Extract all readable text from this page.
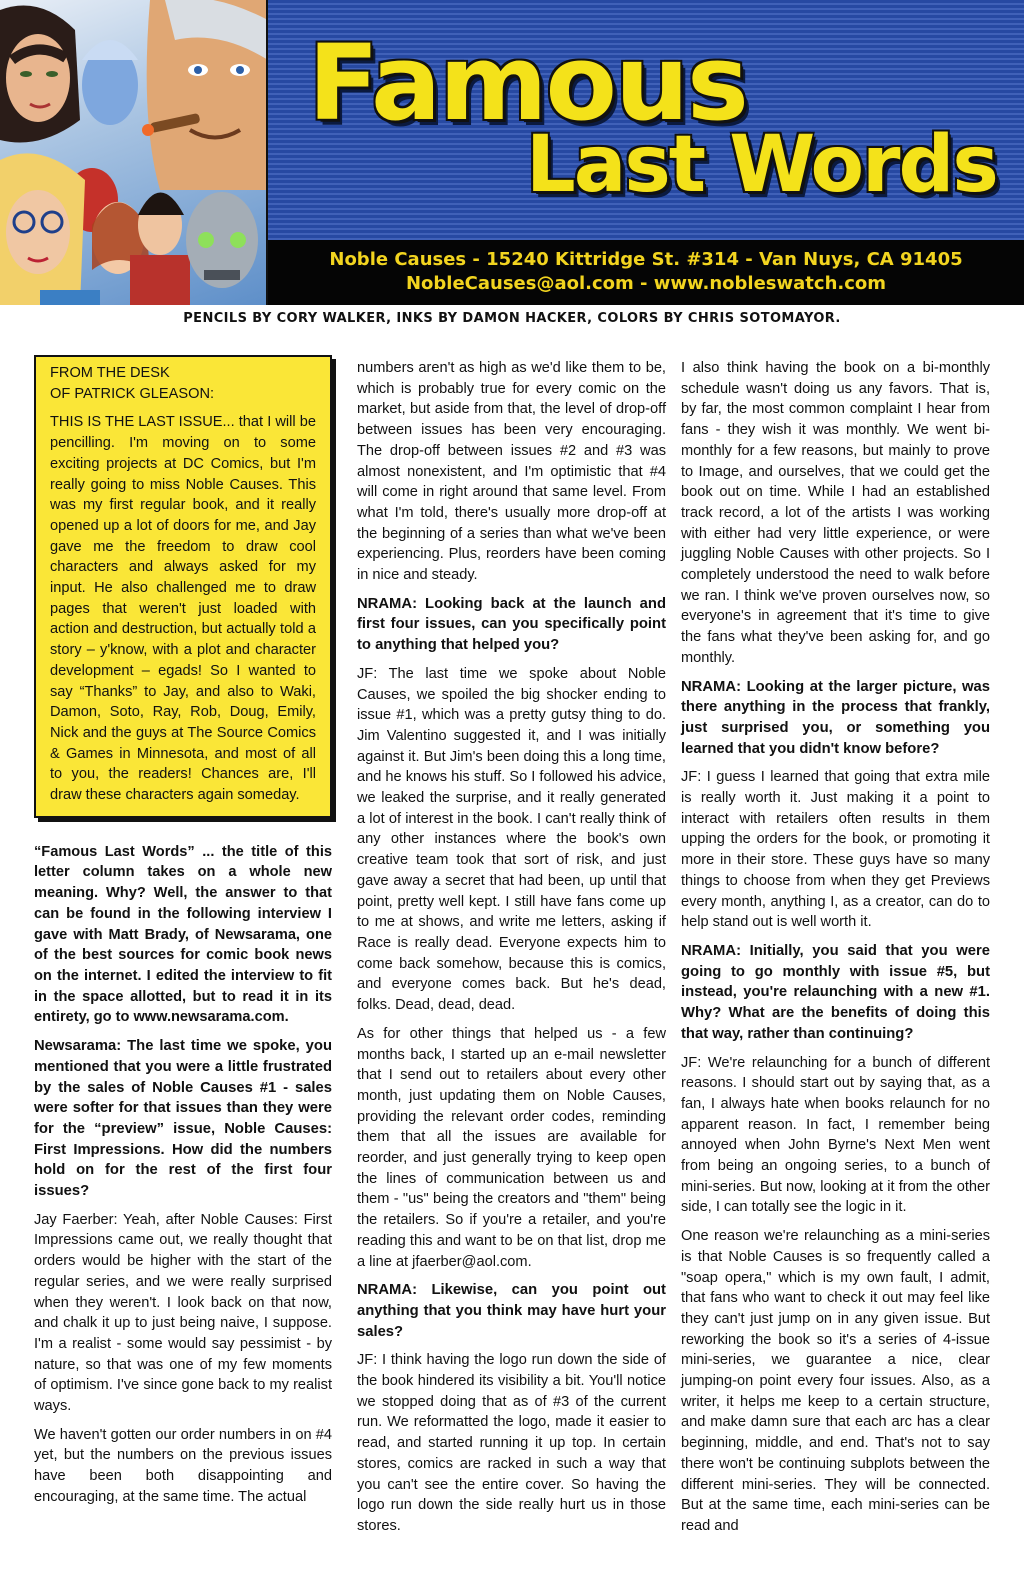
Famous
Last Words
Noble Causes - 15240 Kittridge St. #314 - Van Nuys, CA 91405
NobleCauses@aol.com - www.nobleswatch.com
PENCILS BY CORY WALKER, INKS BY DAMON HACKER, COLORS BY CHRIS SOTOMAYOR.
FROM THE DESK
OF PATRICK GLEASON:
THIS IS THE LAST ISSUE... that I will be pencilling. I'm moving on to some exciting projects at DC Comics, but I'm really going to miss Noble Causes. This was my first regular book, and it really opened up a lot of doors for me, and Jay gave me the freedom to draw cool characters and always asked for my input. He also challenged me to draw pages that weren't just loaded with action and destruction, but actually told a story – y'know, with a plot and character development – egads! So I wanted to say “Thanks” to Jay, and also to Waki, Damon, Soto, Ray, Rob, Doug, Emily, Nick and the guys at The Source Comics & Games in Minnesota, and most of all to you, the readers! Chances are, I'll draw these characters again someday.

“Famous Last Words” ... the title of this letter column takes on a whole new meaning. Why? Well, the answer to that can be found in the following interview I gave with Matt Brady, of Newsarama, one of the best sources for comic book news on the internet. I edited the interview to fit in the space allotted, but to read it in its entirety, go to www.newsarama.com.

Newsarama: The last time we spoke, you mentioned that you were a little frustrated by the sales of Noble Causes #1 - sales were softer for that issues than they were for the “preview” issue, Noble Causes: First Impressions. How did the numbers hold on for the rest of the first four issues?

Jay Faerber: Yeah, after Noble Causes: First Impressions came out, we really thought that orders would be higher with the start of the regular series, and we were really surprised when they weren't. I look back on that now, and chalk it up to just being naive, I suppose. I'm a realist - some would say pessimist - by nature, so that was one of my few moments of optimism. I've since gone back to my realist ways.

We haven't gotten our order numbers in on #4 yet, but the numbers on the previous issues have been both disappointing and encouraging, at the same time. The actual

numbers aren't as high as we'd like them to be, which is probably true for every comic on the market, but aside from that, the level of drop-off between issues has been very encouraging. The drop-off between issues #2 and #3 was almost nonexistent, and I'm optimistic that #4 will come in right around that same level. From what I'm told, there's usually more drop-off at the beginning of a series than what we've been experiencing. Plus, reorders have been coming in nice and steady.

NRAMA: Looking back at the launch and first four issues, can you specifically point to anything that helped you?

JF: The last time we spoke about Noble Causes, we spoiled the big shocker ending to issue #1, which was a pretty gutsy thing to do. Jim Valentino suggested it, and I was initially against it. But Jim's been doing this a long time, and he knows his stuff. So I followed his advice, we leaked the surprise, and it really generated a lot of interest in the book. I can't really think of any other instances where the book's own creative team took that sort of risk, and just gave away a secret that had been, up until that point, pretty well kept. I still have fans come up to me at shows, and write me letters, asking if Race is really dead. Everyone expects him to come back somehow, because this is comics, and everyone comes back. But he's dead, folks. Dead, dead, dead.

As for other things that helped us - a few months back, I started up an e-mail newsletter that I send out to retailers about every other month, just updating them on Noble Causes, providing the relevant order codes, reminding them that all the issues are available for reorder, and just generally trying to keep open the lines of communication between us and them - "us" being the creators and "them" being the retailers. So if you're a retailer, and you're reading this and want to be on that list, drop me a line at jfaerber@aol.com.

NRAMA: Likewise, can you point out anything that you think may have hurt your sales?

JF: I think having the logo run down the side of the book hindered its visibility a bit. You'll notice we stopped doing that as of #3 of the current run. We reformatted the logo, made it easier to read, and started running it up top. In certain stores, comics are racked in such a way that you can't see the entire cover. So having the logo run down the side really hurt us in those stores.

I also think having the book on a bi-monthly schedule wasn't doing us any favors. That is, by far, the most common complaint I hear from fans - they wish it was monthly. We went bi-monthly for a few reasons, but mainly to prove to Image, and ourselves, that we could get the book out on time. While I had an established track record, a lot of the artists I was working with either had very little experience, or were juggling Noble Causes with other projects. So I completely understood the need to walk before we ran. I think we've proven ourselves now, so everyone's in agreement that it's time to give the fans what they've been asking for, and go monthly.

NRAMA: Looking at the larger picture, was there anything in the process that frankly, just surprised you, or something you learned that you didn't know before?

JF: I guess I learned that going that extra mile is really worth it. Just making it a point to interact with retailers often results in them upping the orders for the book, or promoting it more in their store. These guys have so many things to choose from when they get Previews every month, anything I, as a creator, can do to help stand out is well worth it.

NRAMA: Initially, you said that you were going to go monthly with issue #5, but instead, you're relaunching with a new #1. Why? What are the benefits of doing this that way, rather than continuing?

JF: We're relaunching for a bunch of different reasons. I should start out by saying that, as a fan, I always hate when books relaunch for no apparent reason. In fact, I remember being annoyed when John Byrne's Next Men went from being an ongoing series, to a bunch of mini-series. But now, looking at it from the other side, I can totally see the logic in it.

One reason we're relaunching as a mini-series is that Noble Causes is so frequently called a "soap opera," which is my own fault, I admit, that fans who want to check it out may feel like they can't just jump on in any given issue. But reworking the book so it's a series of 4-issue mini-series, we guarantee a nice, clear jumping-on point every four issues. Also, as a writer, it helps me keep to a certain structure, and make damn sure that each arc has a clear beginning, middle, and end. That's not to say there won't be continuing subplots between the different mini-series. They will be connected. But at the same time, each mini-series can be read and
